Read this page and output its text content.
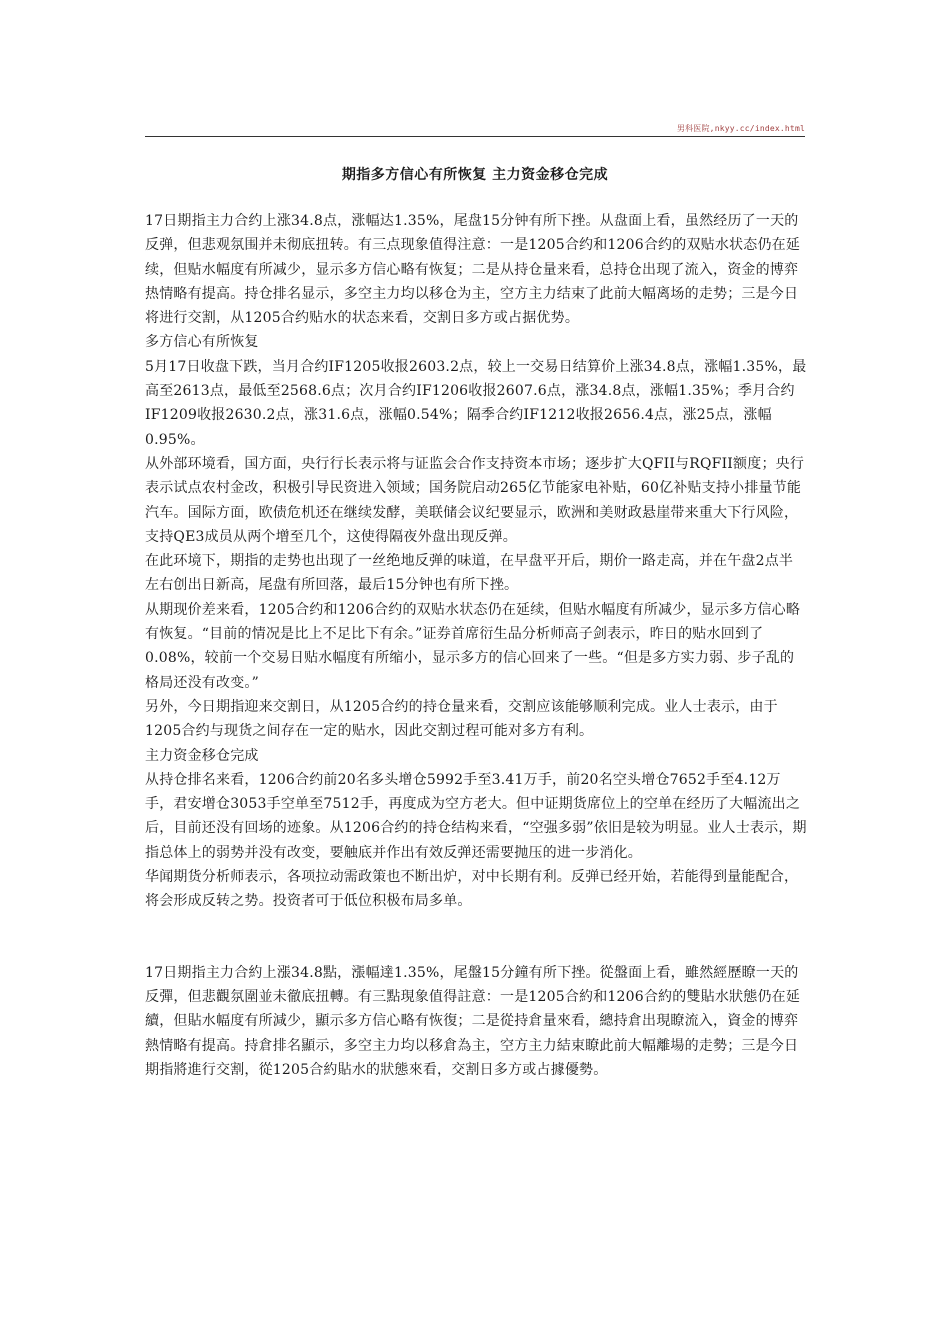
男科医院,nkyy.cc/index.html
期指多方信心有所恢复 主力资金移仓完成

17日期指主力合约上涨34.8点，涨幅达1.35%，尾盘15分钟有所下挫。从盘面上看，虽然经历了一天的反弹，但悲观氛围并未彻底扭转。有三点现象值得注意：一是1205合约和1206合约的双贴水状态仍在延续，但贴水幅度有所减少，显示多方信心略有恢复；二是从持仓量来看，总持仓出现了流入，资金的博弈热情略有提高。持仓排名显示，多空主力均以移仓为主，空方主力结束了此前大幅离场的走势；三是今日将进行交割，从1205合约贴水的状态来看，交割日多方或占据优势。

多方信心有所恢复

5月17日收盘下跌，当月合约IF1205收报2603.2点，较上一交易日结算价上涨34.8点，涨幅1.35%，最高至2613点，最低至2568.6点；次月合约IF1206收报2607.6点，涨34.8点，涨幅1.35%；季月合约IF1209收报2630.2点，涨31.6点，涨幅0.54%；隔季合约IF1212收报2656.4点，涨25点，涨幅0.95%。

从外部环境看，国方面，央行行长表示将与证监会合作支持资本市场；逐步扩大QFII与RQFII额度；央行表示试点农村金改，积极引导民资进入领域；国务院启动265亿节能家电补贴，60亿补贴支持小排量节能汽车。国际方面，欧债危机还在继续发酵，美联储会议纪要显示，欧洲和美财政悬崖带来重大下行风险，支持QE3成员从两个增至几个，这使得隔夜外盘出现反弹。

在此环境下，期指的走势也出现了一丝绝地反弹的味道，在早盘平开后，期价一路走高，并在午盘2点半左右创出日新高，尾盘有所回落，最后15分钟也有所下挫。

从期现价差来看，1205合约和1206合约的双贴水状态仍在延续，但贴水幅度有所减少，显示多方信心略有恢复。“目前的情况是比上不足比下有余。”证券首席衍生品分析师高子剑表示，昨日的贴水回到了0.08%，较前一个交易日贴水幅度有所缩小，显示多方的信心回来了一些。“但是多方实力弱、步子乱的格局还没有改变。”

另外，今日期指迎来交割日，从1205合约的持仓量来看，交割应该能够顺利完成。业人士表示，由于1205合约与现货之间存在一定的贴水，因此交割过程可能对多方有利。

主力资金移仓完成

从持仓排名来看，1206合约前20名多头增仓5992手至3.41万手，前20名空头增仓7652手至4.12万手，君安增仓3053手空单至7512手，再度成为空方老大。但中证期货席位上的空单在经历了大幅流出之后，目前还没有回场的迹象。从1206合约的持仓结构来看，“空强多弱”依旧是较为明显。业人士表示，期指总体上的弱势并没有改变，要触底并作出有效反弹还需要抛压的进一步消化。

华闻期货分析师表示，各项拉动需政策也不断出炉，对中长期有利。反弹已经开始，若能得到量能配合，将会形成反转之势。投资者可于低位积极布局多单。

17日期指主力合約上漲34.8點，漲幅達1.35%，尾盤15分鐘有所下挫。從盤面上看，雖然經歷瞭一天的反彈，但悲觀氛圍並未徹底扭轉。有三點現象值得註意：一是1205合約和1206合約的雙貼水狀態仍在延續，但貼水幅度有所減少，顯示多方信心略有恢復；二是從持倉量來看，總持倉出現瞭流入，資金的博弈熱情略有提高。持倉排名顯示，多空主力均以移倉為主，空方主力結束瞭此前大幅離場的走勢；三是今日期指將進行交割，從1205合約貼水的狀態來看，交割日多方或占據優勢。
